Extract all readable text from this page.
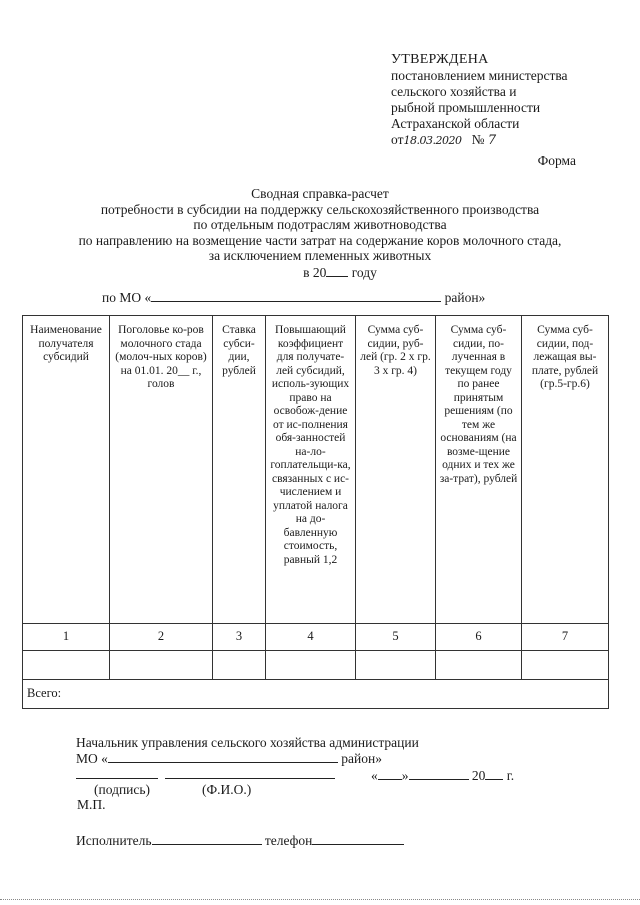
УТВЕРЖДЕНА
постановлением министерства
сельского хозяйства и
рыбной промышленности
Астраханской области
от18.03.2020 № 7
Форма
Сводная справка-расчет
потребности в субсидии на поддержку сельскохозяйственного производства
по отдельным подотраслям животноводства
по направлению на возмещение части затрат на содержание коров молочного стада,
за исключением племенных животных
в 20 году
по МО «	район»
Наименование получателя субсидий	Поголовье ко-ров молочного стада (молоч-ных коров) на 01.01. 20__ г., голов	Ставка субси-дии, рублей	Повышающий коэффициент для получате-лей субсидий, исполь-зующих право на освобож-дение от ис-полнения обя-занностей на-ло-гоплательщи-ка, связанных с ис-числением и уплатой налога на до-бавленную стоимость, равный 1,2	Сумма суб-сидии, руб-лей (гр. 2 х гр. 3 х гр. 4)	Сумма суб-сидии, по-лученная в текущем году по ранее принятым решениям (по тем же основаниям (на возме-щение одних и тех же за-трат), рублей	Сумма суб-сидии, под-лежащая вы-плате, рублей (гр.5-гр.6)
1	2	3	4	5	6	7

Всего:						
Начальник управления сельского хозяйства администрации
МО «	район»

« »	20 г.
(подпись)	(Ф.И.О.)
М.П.
Исполнитель	телефон
